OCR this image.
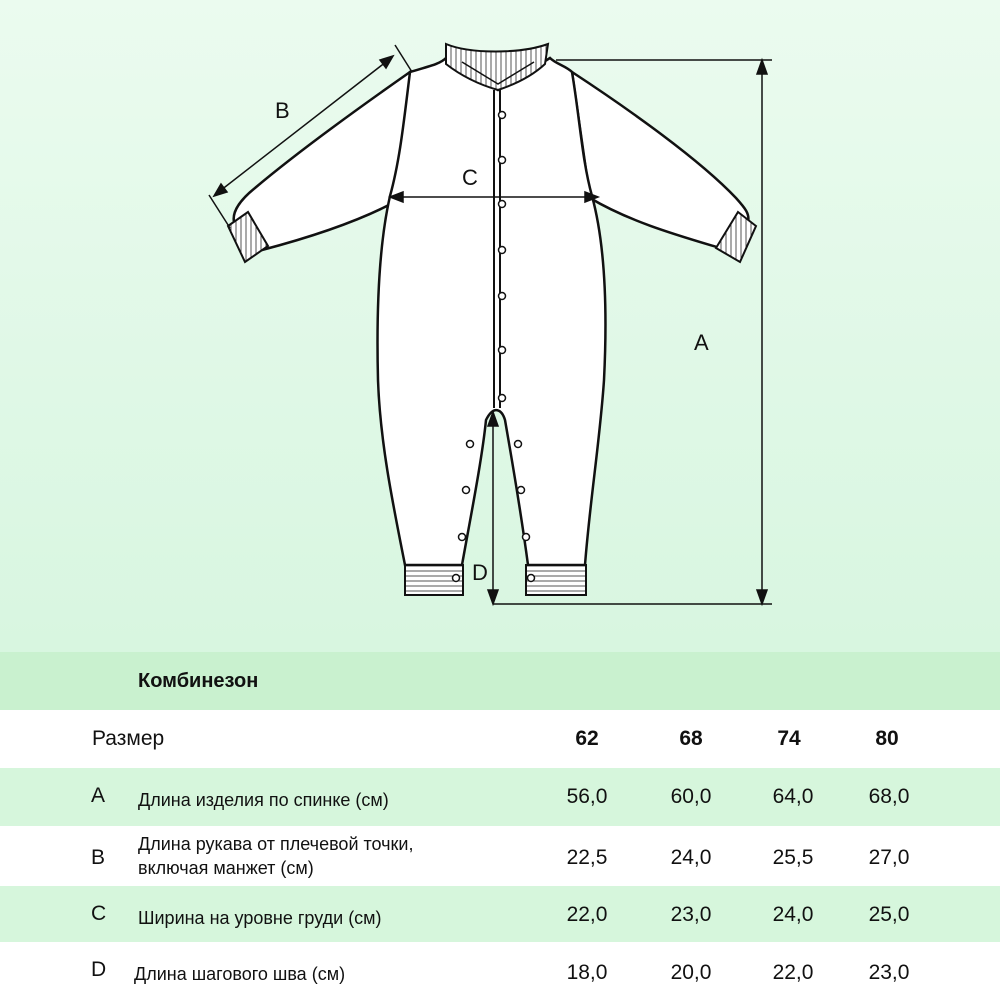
A
B
C
D
Комбинезон
Размер	62	68	74	80
A Длина изделия по спинке (см)	56,0	60,0	64,0	68,0
B
Длина рукава от плечевой точки,
включая манжет (см)	22,5	24,0	25,5	27,0
C Ширина на уровне груди (см)	22,0	23,0	24,0	25,0
D Длина шагового шва (см)	18,0	20,0	22,0	23,0
